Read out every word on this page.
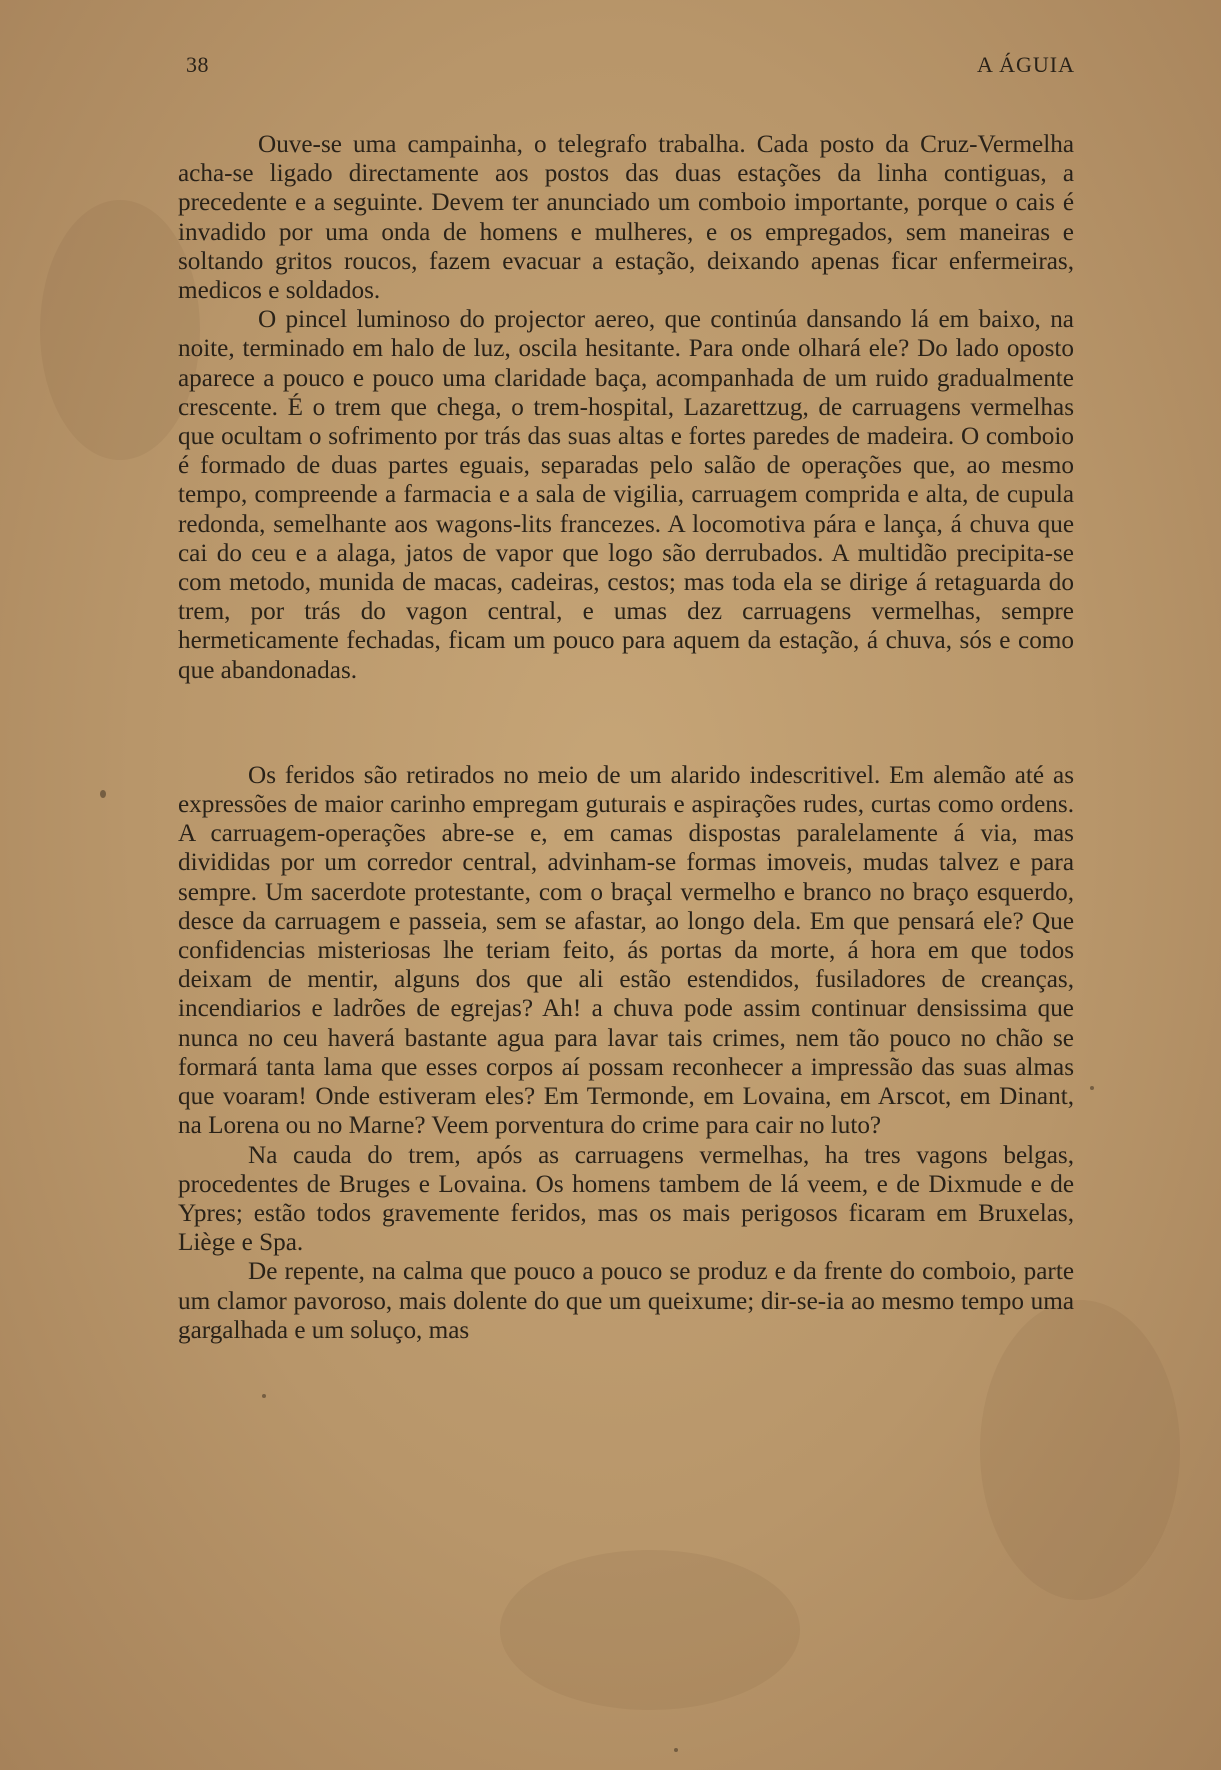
38	A ÁGUIA

Ouve-se uma campainha, o telegrafo trabalha. Cada posto da Cruz-Vermelha acha-se ligado directamente aos postos das duas estações da linha contiguas, a precedente e a seguinte. Devem ter anunciado um comboio importante, porque o cais é invadido por uma onda de homens e mulheres, e os empregados, sem maneiras e soltando gritos roucos, fazem evacuar a estação, deixando apenas ficar enfermeiras, medicos e soldados.

O pincel luminoso do projector aereo, que continúa dansando lá em baixo, na noite, terminado em halo de luz, oscila hesitante. Para onde olhará ele? Do lado oposto aparece a pouco e pouco uma claridade baça, acompanhada de um ruido gradualmente crescente. É o trem que chega, o trem-hospital, Lazarettzug, de carruagens vermelhas que ocultam o sofrimento por trás das suas altas e fortes paredes de madeira. O comboio é formado de duas partes eguais, separadas pelo salão de operações que, ao mesmo tempo, compreende a farmacia e a sala de vigilia, carruagem comprida e alta, de cupula redonda, semelhante aos wagons-lits francezes. A locomotiva pára e lança, á chuva que cai do ceu e a alaga, jatos de vapor que logo são derrubados. A multidão precipita-se com metodo, munida de macas, cadeiras, cestos; mas toda ela se dirige á retaguarda do trem, por trás do vagon central, e umas dez carruagens vermelhas, sempre hermeticamente fechadas, ficam um pouco para aquem da estação, á chuva, sós e como que abandonadas.

Os feridos são retirados no meio de um alarido indescritivel. Em alemão até as expressões de maior carinho empregam guturais e aspirações rudes, curtas como ordens. A carruagem-operações abre-se e, em camas dispostas paralelamente á via, mas divididas por um corredor central, advinham-se formas imoveis, mudas talvez e para sempre. Um sacerdote protestante, com o braçal vermelho e branco no braço esquerdo, desce da carruagem e passeia, sem se afastar, ao longo dela. Em que pensará ele? Que confidencias misteriosas lhe teriam feito, ás portas da morte, á hora em que todos deixam de mentir, alguns dos que ali estão estendidos, fusiladores de creanças, incendiarios e ladrões de egrejas? Ah! a chuva pode assim continuar densissima que nunca no ceu haverá bastante agua para lavar tais crimes, nem tão pouco no chão se formará tanta lama que esses corpos aí possam reconhecer a impressão das suas almas que voaram! Onde estiveram eles? Em Termonde, em Lovaina, em Arscot, em Dinant, na Lorena ou no Marne? Veem porventura do crime para cair no luto?

Na cauda do trem, após as carruagens vermelhas, ha tres vagons belgas, procedentes de Bruges e Lovaina. Os homens tambem de lá veem, e de Dixmude e de Ypres; estão todos gravemente feridos, mas os mais perigosos ficaram em Bruxelas, Liège e Spa.

De repente, na calma que pouco a pouco se produz e da frente do comboio, parte um clamor pavoroso, mais dolente do que um queixume; dir-se-ia ao mesmo tempo uma gargalhada e um soluço, mas
